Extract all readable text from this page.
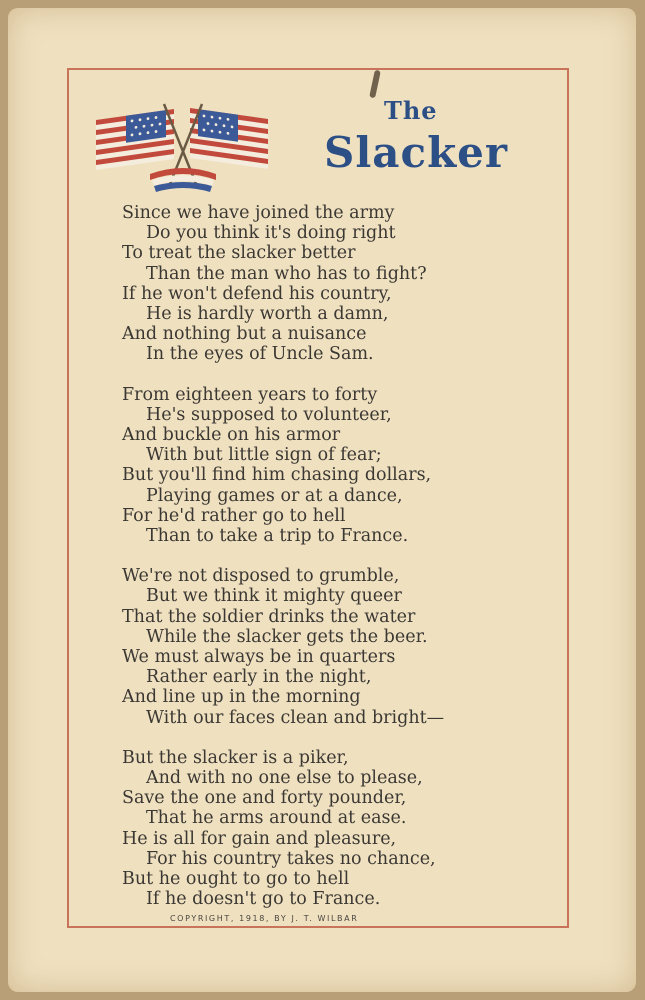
The
Slacker
Since we have joined the army
Do you think it's doing right
To treat the slacker better
Than the man who has to fight?
If he won't defend his country,
He is hardly worth a damn,
And nothing but a nuisance
In the eyes of Uncle Sam.
From eighteen years to forty
He's supposed to volunteer,
And buckle on his armor
With but little sign of fear;
But you'll find him chasing dollars,
Playing games or at a dance,
For he'd rather go to hell
Than to take a trip to France.
We're not disposed to grumble,
But we think it mighty queer
That the soldier drinks the water
While the slacker gets the beer.
We must always be in quarters
Rather early in the night,
And line up in the morning
With our faces clean and bright—
But the slacker is a piker,
And with no one else to please,
Save the one and forty pounder,
That he arms around at ease.
He is all for gain and pleasure,
For his country takes no chance,
But he ought to go to hell
If he doesn't go to France.
COPYRIGHT, 1918, BY J. T. WILBAR
